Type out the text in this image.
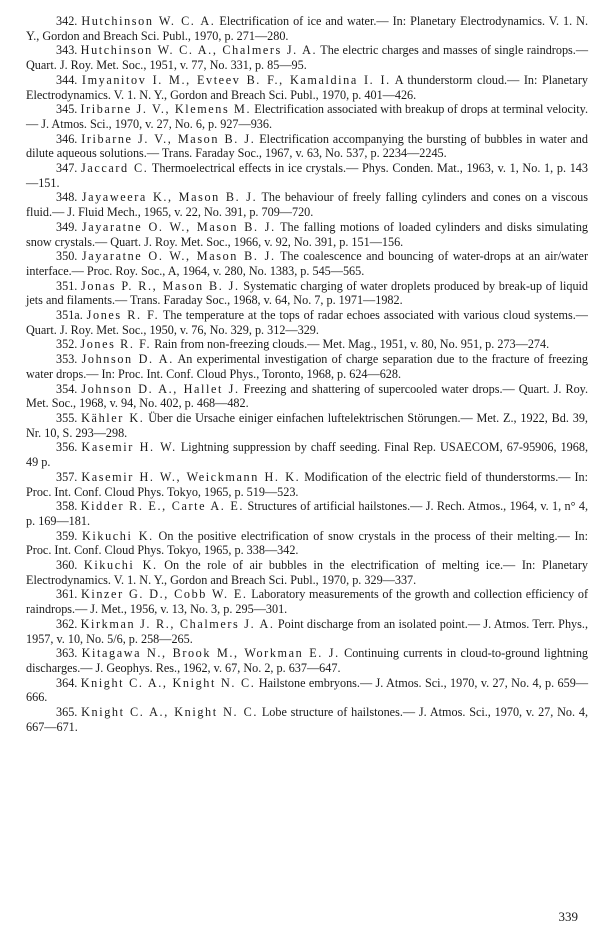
342. Hutchinson W. C. A. Electrification of ice and water.— In: Planetary Electrodynamics. V. 1. N. Y., Gordon and Breach Sci. Publ., 1970, p. 271—280.

343. Hutchinson W. C. A., Chalmers J. A. The electric charges and masses of single raindrops.— Quart. J. Roy. Met. Soc., 1951, v. 77, No. 331, p. 85—95.

344. Imyanitov I. M., Evteev B. F., Kamaldina I. I. A thunderstorm cloud.— In: Planetary Electrodynamics. V. 1. N. Y., Gordon and Breach Sci. Publ., 1970, p. 401—426.

345. Iribarne J. V., Klemens M. Electrification associated with breakup of drops at terminal velocity.— J. Atmos. Sci., 1970, v. 27, No. 6, p. 927—936.

346. Iribarne J. V., Mason B. J. Electrification accompanying the bursting of bubbles in water and dilute aqueous solutions.— Trans. Faraday Soc., 1967, v. 63, No. 537, p. 2234—2245.

347. Jaccard C. Thermoelectrical effects in ice crystals.— Phys. Conden. Mat., 1963, v. 1, No. 1, p. 143—151.

348. Jayaweera K., Mason B. J. The behaviour of freely falling cylinders and cones on a viscous fluid.— J. Fluid Mech., 1965, v. 22, No. 391, p. 709—720.

349. Jayaratne O. W., Mason B. J. The falling motions of loaded cylinders and disks simulating snow crystals.— Quart. J. Roy. Met. Soc., 1966, v. 92, No. 391, p. 151—156.

350. Jayaratne O. W., Mason B. J. The coalescence and bouncing of water-drops at an air/water interface.— Proc. Roy. Soc., A, 1964, v. 280, No. 1383, p. 545—565.

351. Jonas P. R., Mason B. J. Systematic charging of water droplets produced by break-up of liquid jets and filaments.— Trans. Faraday Soc., 1968, v. 64, No. 7, p. 1971—1982.

351a. Jones R. F. The temperature at the tops of radar echoes associated with various cloud systems.— Quart. J. Roy. Met. Soc., 1950, v. 76, No. 329, p. 312—329.

352. Jones R. F. Rain from non-freezing clouds.— Met. Mag., 1951, v. 80, No. 951, p. 273—274.

353. Johnson D. A. An experimental investigation of charge separation due to the fracture of freezing water drops.— In: Proc. Int. Conf. Cloud Phys., Toronto, 1968, p. 624—628.

354. Johnson D. A., Hallet J. Freezing and shattering of supercooled water drops.— Quart. J. Roy. Met. Soc., 1968, v. 94, No. 402, p. 468—482.

355. Kähler K. Über die Ursache einiger einfachen luftelektrischen Störungen.— Met. Z., 1922, Bd. 39, Nr. 10, S. 293—298.

356. Kasemir H. W. Lightning suppression by chaff seeding. Final Rep. USAECOM, 67-95906, 1968, 49 p.

357. Kasemir H. W., Weickmann H. K. Modification of the electric field of thunderstorms.— In: Proc. Int. Conf. Cloud Phys. Tokyo, 1965, p. 519—523.

358. Kidder R. E., Carte A. E. Structures of artificial hailstones.— J. Rech. Atmos., 1964, v. 1, n° 4, p. 169—181.

359. Kikuchi K. On the positive electrification of snow crystals in the process of their melting.— In: Proc. Int. Conf. Cloud Phys. Tokyo, 1965, p. 338—342.

360. Kikuchi K. On the role of air bubbles in the electrification of melting ice.— In: Planetary Electrodynamics. V. 1. N. Y., Gordon and Breach Sci. Publ., 1970, p. 329—337.

361. Kinzer G. D., Cobb W. E. Laboratory measurements of the growth and collection efficiency of raindrops.— J. Met., 1956, v. 13, No. 3, p. 295—301.

362. Kirkman J. R., Chalmers J. A. Point discharge from an isolated point.— J. Atmos. Terr. Phys., 1957, v. 10, No. 5/6, p. 258—265.

363. Kitagawa N., Brook M., Workman E. J. Continuing currents in cloud-to-ground lightning discharges.— J. Geophys. Res., 1962, v. 67, No. 2, p. 637—647.

364. Knight C. A., Knight N. C. Hailstone embryons.— J. Atmos. Sci., 1970, v. 27, No. 4, p. 659—666.

365. Knight C. A., Knight N. C. Lobe structure of hailstones.— J. Atmos. Sci., 1970, v. 27, No. 4, 667—671.

339
